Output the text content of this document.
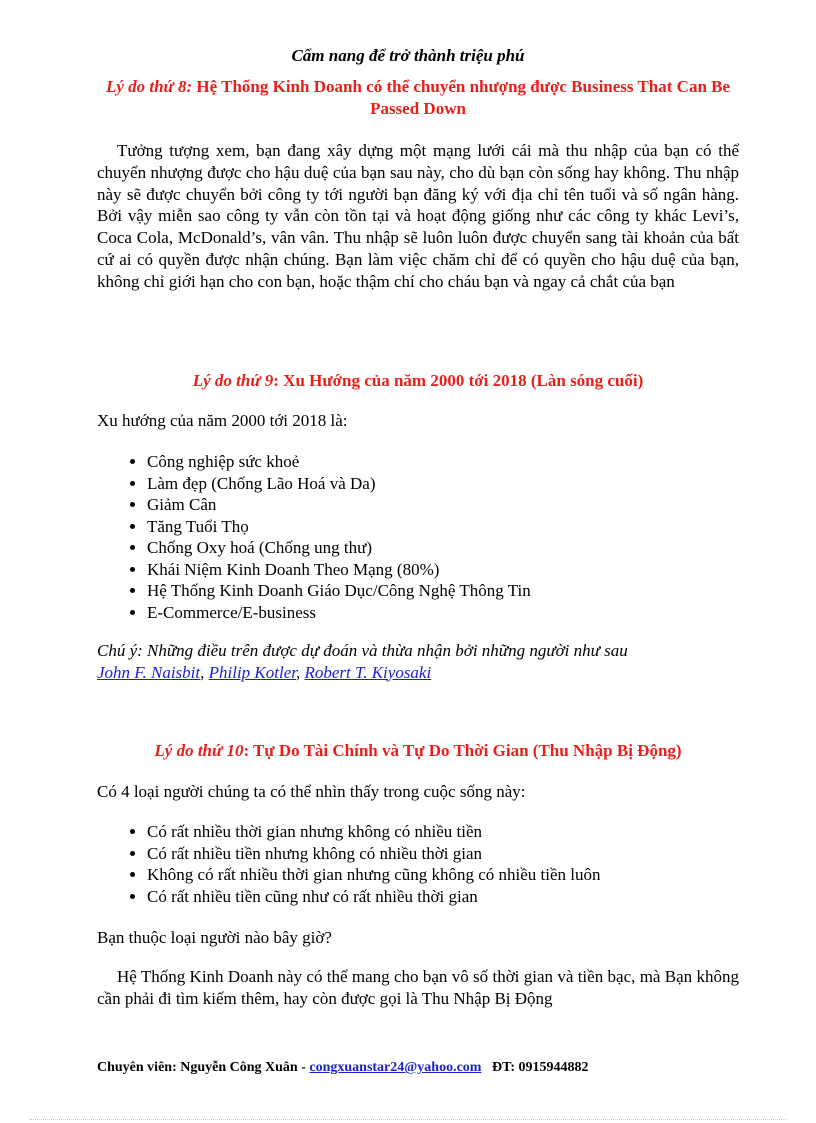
Cẩm nang để trở thành triệu phú

Lý do thứ 8: Hệ Thống Kinh Doanh có thể chuyển nhượng được Business That Can Be Passed Down

Tưởng tượng xem, bạn đang xây dựng một mạng lưới cái mà thu nhập của bạn có thể chuyển nhượng được cho hậu duệ của bạn sau này, cho dù bạn còn sống hay không. Thu nhập này sẽ được chuyển bởi công ty tới người bạn đăng ký với địa chỉ tên tuổi và số ngân hàng. Bởi vậy miễn sao công ty vẫn còn tồn tại và hoạt động giống như các công ty khác Levi’s, Coca Cola, McDonald’s, vân vân. Thu nhập sẽ luôn luôn được chuyển sang tài khoản của bất cứ ai có quyền được nhận chúng. Bạn làm việc chăm chỉ để có quyền cho hậu duệ của bạn, không chỉ giới hạn cho con bạn, hoặc thậm chí cho cháu bạn và ngay cả chắt của bạn

Lý do thứ 9: Xu Hướng của năm 2000 tới 2018 (Làn sóng cuối)

Xu hướng của năm 2000 tới 2018 là:

• Công nghiệp sức khoẻ
• Làm đẹp (Chống Lão Hoá và Da)
• Giảm Cân
• Tăng Tuổi Thọ
• Chống Oxy hoá (Chống ung thư)
• Khái Niệm Kinh Doanh Theo Mạng (80%)
• Hệ Thống Kinh Doanh Giáo Dục/Công Nghệ Thông Tin
• E-Commerce/E-business

Chú ý: Những điều trên được dự đoán và thừa nhận bởi những người như sau

John F. Naisbit, Philip Kotler, Robert T. Kiyosaki

Lý do thứ 10: Tự Do Tài Chính và Tự Do Thời Gian (Thu Nhập Bị Động)

Có 4 loại người chúng ta có thể nhìn thấy trong cuộc sống này:

• Có rất nhiều thời gian nhưng không có nhiều tiền
• Có rất nhiều tiền nhưng không có nhiều thời gian
• Không có rất nhiều thời gian nhưng cũng không có nhiều tiền luôn
• Có rất nhiều tiền cũng như có rất nhiều thời gian

Bạn thuộc loại người nào bây giờ?

Hệ Thống Kinh Doanh này có thể mang cho bạn vô số thời gian và tiền bạc, mà Bạn không cần phải đi tìm kiếm thêm, hay còn được gọi là Thu Nhập Bị Động

Chuyên viên: Nguyễn Công Xuân - congxuanstar24@yahoo.com   ĐT: 0915944882
